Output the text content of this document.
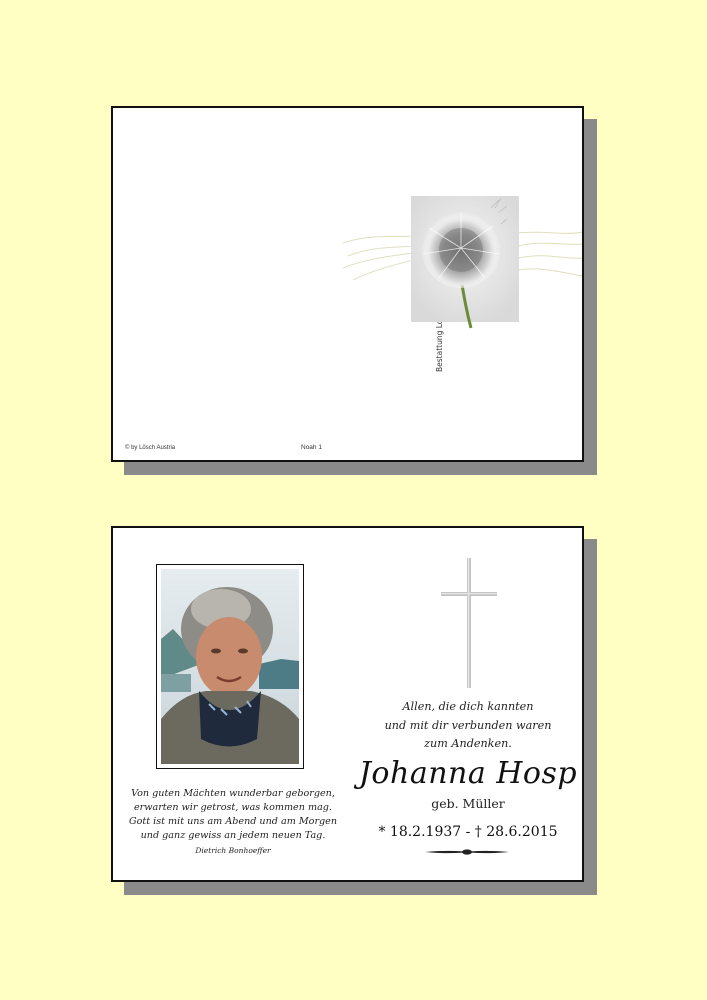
© by Lösch Austria	Noah 1
Von guten Mächten wunderbar geborgen,
erwarten wir getrost, was kommen mag.
Gott ist mit uns am Abend und am Morgen
und ganz gewiss an jedem neuen Tag.
Dietrich Bonhoeffer
Allen, die dich kannten
und mit dir verbunden waren
zum Andenken.
Johanna Hosp
geb. Müller
* 18.2.1937 - † 28.6.2015
